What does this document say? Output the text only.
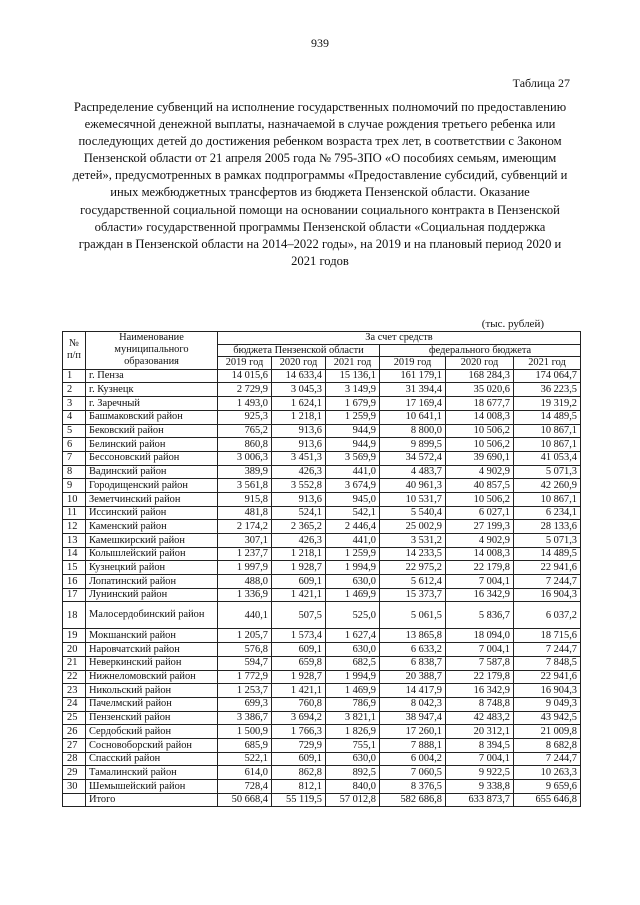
939
Таблица 27
Распределение субвенций на исполнение государственных полномочий по предоставлению ежемесячной денежной выплаты, назначаемой в случае рождения третьего ребенка или последующих детей до достижения ребенком возраста трех лет, в соответствии с Законом Пензенской области от 21 апреля 2005 года № 795-ЗПО «О пособиях семьям, имеющим детей», предусмотренных в рамках подпрограммы «Предоставление субсидий, субвенций и иных межбюджетных трансфертов из бюджета Пензенской области. Оказание государственной социальной помощи на основании социального контракта в Пензенской области» государственной программы Пензенской области «Социальная поддержка граждан в Пензенской области на 2014–2022 годы», на 2019 и на плановый период 2020 и 2021 годов
(тыс. рублей)
№ п/п	Наименование муниципального образования	За счет средств					
		бюджета Пензенской области			федерального бюджета		
		2019 год	2020 год	2021 год	2019 год	2020 год	2021 год
1	г. Пенза	14 015,6	14 633,4	15 136,1	161 179,1	168 284,3	174 064,7
2	г. Кузнецк	2 729,9	3 045,3	3 149,9	31 394,4	35 020,6	36 223,5
3	г. Заречный	1 493,0	1 624,1	1 679,9	17 169,4	18 677,7	19 319,2
4	Башмаковский район	925,3	1 218,1	1 259,9	10 641,1	14 008,3	14 489,5
5	Бековский район	765,2	913,6	944,9	8 800,0	10 506,2	10 867,1
6	Белинский район	860,8	913,6	944,9	9 899,5	10 506,2	10 867,1
7	Бессоновский район	3 006,3	3 451,3	3 569,9	34 572,4	39 690,1	41 053,4
8	Вадинский район	389,9	426,3	441,0	4 483,7	4 902,9	5 071,3
9	Городищенский район	3 561,8	3 552,8	3 674,9	40 961,3	40 857,5	42 260,9
10	Земетчинский район	915,8	913,6	945,0	10 531,7	10 506,2	10 867,1
11	Иссинский район	481,8	524,1	542,1	5 540,4	6 027,1	6 234,1
12	Каменский район	2 174,2	2 365,2	2 446,4	25 002,9	27 199,3	28 133,6
13	Камешкирский район	307,1	426,3	441,0	3 531,2	4 902,9	5 071,3
14	Колышлейский район	1 237,7	1 218,1	1 259,9	14 233,5	14 008,3	14 489,5
15	Кузнецкий район	1 997,9	1 928,7	1 994,9	22 975,2	22 179,8	22 941,6
16	Лопатинский район	488,0	609,1	630,0	5 612,4	7 004,1	7 244,7
17	Лунинский район	1 336,9	1 421,1	1 469,9	15 373,7	16 342,9	16 904,3
18	Малосердобинский район	440,1	507,5	525,0	5 061,5	5 836,7	6 037,2
19	Мокшанский район	1 205,7	1 573,4	1 627,4	13 865,8	18 094,0	18 715,6
20	Наровчатский район	576,8	609,1	630,0	6 633,2	7 004,1	7 244,7
21	Неверкинский район	594,7	659,8	682,5	6 838,7	7 587,8	7 848,5
22	Нижнеломовский район	1 772,9	1 928,7	1 994,9	20 388,7	22 179,8	22 941,6
23	Никольский район	1 253,7	1 421,1	1 469,9	14 417,9	16 342,9	16 904,3
24	Пачелмский район	699,3	760,8	786,9	8 042,3	8 748,8	9 049,3
25	Пензенский район	3 386,7	3 694,2	3 821,1	38 947,4	42 483,2	43 942,5
26	Сердобский район	1 500,9	1 766,3	1 826,9	17 260,1	20 312,1	21 009,8
27	Сосновоборский район	685,9	729,9	755,1	7 888,1	8 394,5	8 682,8
28	Спасский район	522,1	609,1	630,0	6 004,2	7 004,1	7 244,7
29	Тамалинский район	614,0	862,8	892,5	7 060,5	9 922,5	10 263,3
30	Шемышейский район	728,4	812,1	840,0	8 376,5	9 338,8	9 659,6
	Итого	50 668,4	55 119,5	57 012,8	582 686,8	633 873,7	655 646,8
